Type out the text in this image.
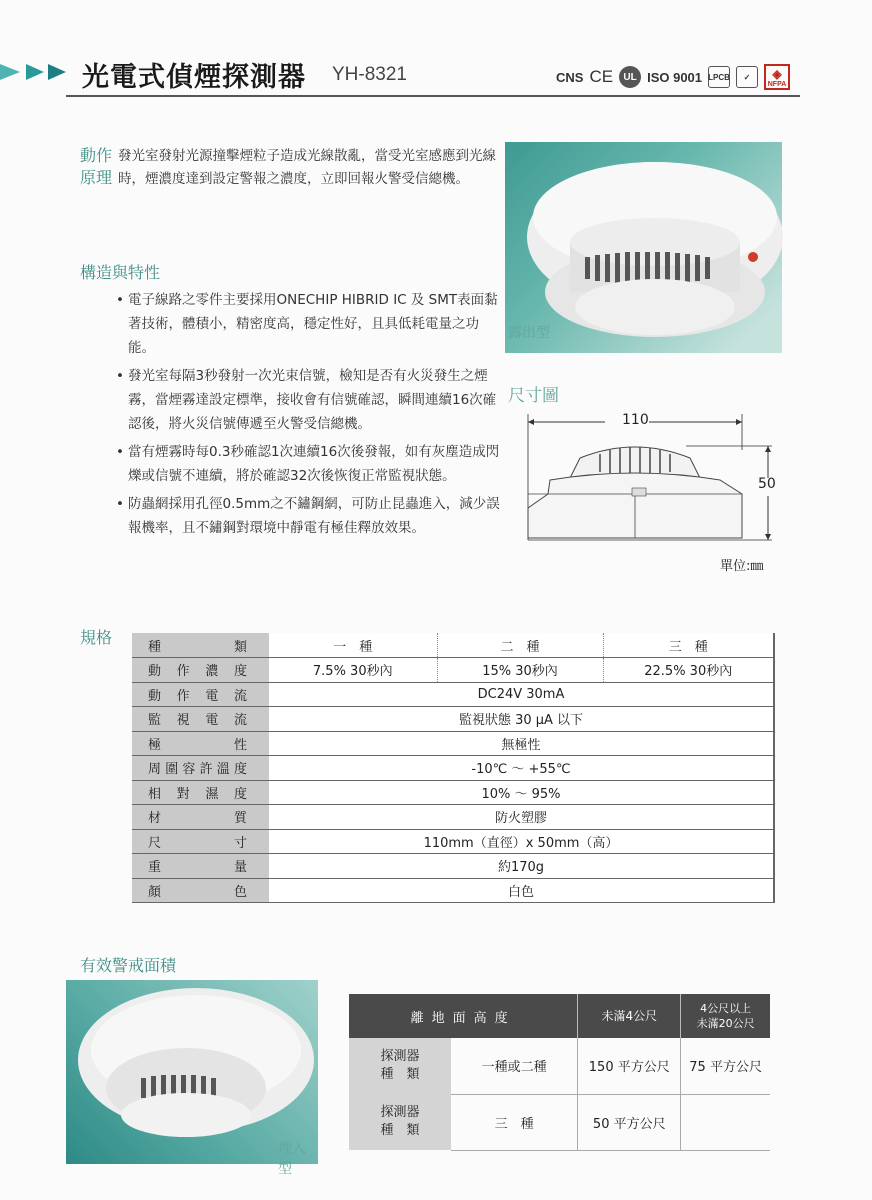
光電式偵煙探測器 YH-8321	CNS CE	UL ISO 9001 LPCB	✓	◈
NFPA
動作
原理
發光室發射光源撞擊煙粒子造成光線散亂，當受光室感應到光線時，煙濃度達到設定警報之濃度，立即回報火警受信總機。
構造與特性
• 電子線路之零件主要採用ONECHIP HIBRID IC 及 SMT表面黏著技術，體積小，精密度高，穩定性好，且具低耗電量之功能。
• 發光室每隔3秒發射一次光束信號，檢知是否有火災發生之煙霧，當煙霧達設定標準，接收會有信號確認，瞬間連續16次確認後，將火災信號傳遞至火警受信總機。
• 當有煙霧時每0.3秒確認1次連續16次後發報，如有灰塵造成閃爍或信號不連續，將於確認32次後恢復正常監視狀態。
• 防蟲網採用孔徑0.5mm之不鏽鋼網，可防止昆蟲進入，減少誤報機率，且不鏽鋼對環境中靜電有極佳釋放效果。
露出型
尺寸圖
110
50
單位:㎜
規格	種　　類	一　種	二　種	三　種
動作濃度	7.5% 30秒內	15% 30秒內	22.5% 30秒內
動作電流	DC24V 30mA		
監視電流	監視狀態 30 μA 以下		
極性	無極性		
周圍容許溫度	-10℃ ～ +55℃		
相對濕度	10% ～ 95%		
材質	防火塑膠		
尺寸	110mm（直徑）x 50mm（高）		
重量	約170g		
顏色	白色		
有效警戒面積
埋入型
離地面高度		未滿4公尺	4公尺以上
未滿20公尺

探測器
種　類	一種或二種	150 平方公尺	75 平方公尺

探測器
種　類	三　種	50 平方公尺	
